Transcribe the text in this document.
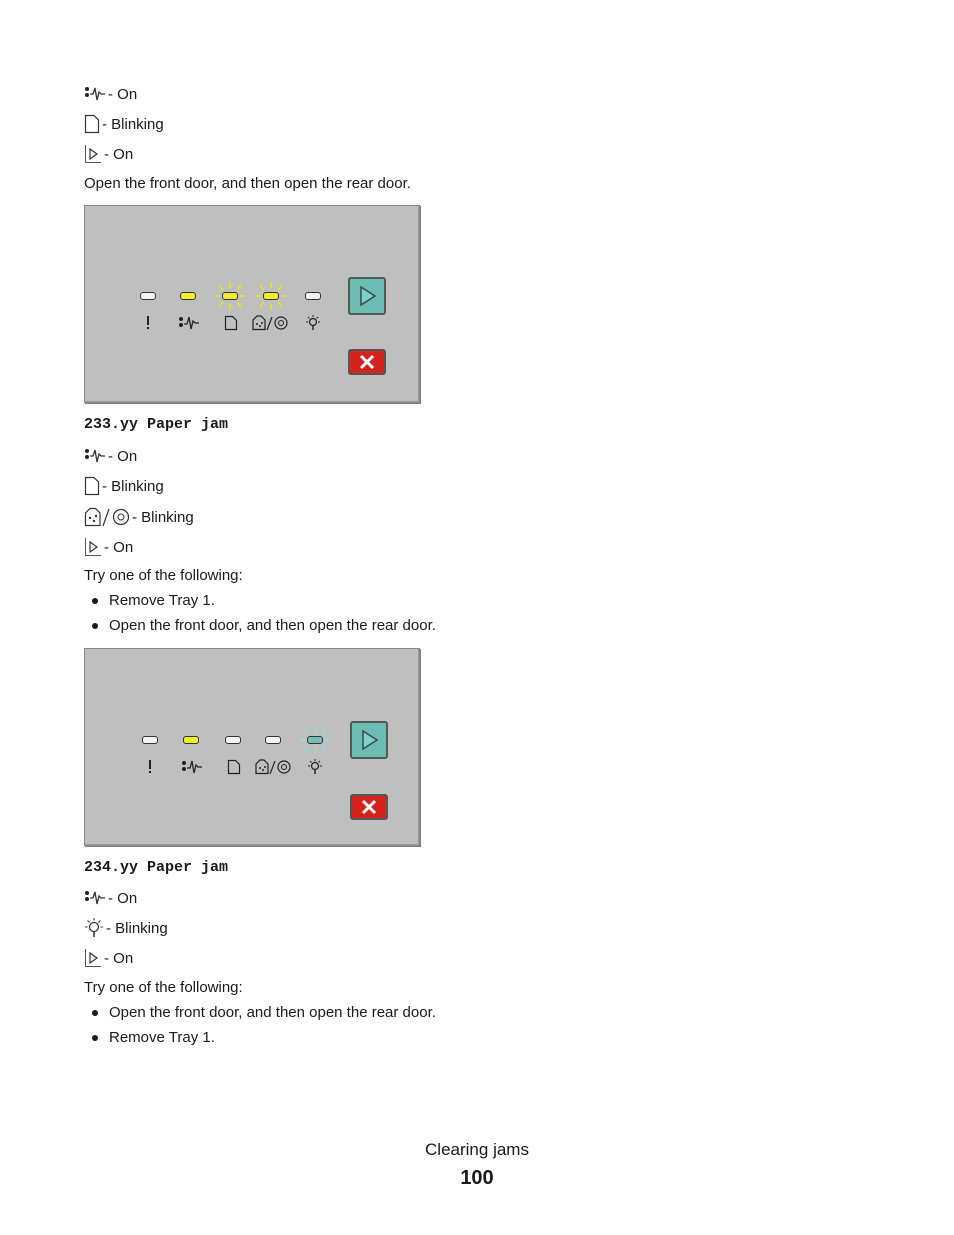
- On
- Blinking
- On
Open the front door, and then open the rear door.
233.yy Paper jam
- On
- Blinking
- Blinking
- On
Try one of the following:
Remove Tray 1.
Open the front door, and then open the rear door.
234.yy Paper jam
- On
- Blinking
- On
Try one of the following:
Open the front door, and then open the rear door.
Remove Tray 1.
Clearing jams
100
